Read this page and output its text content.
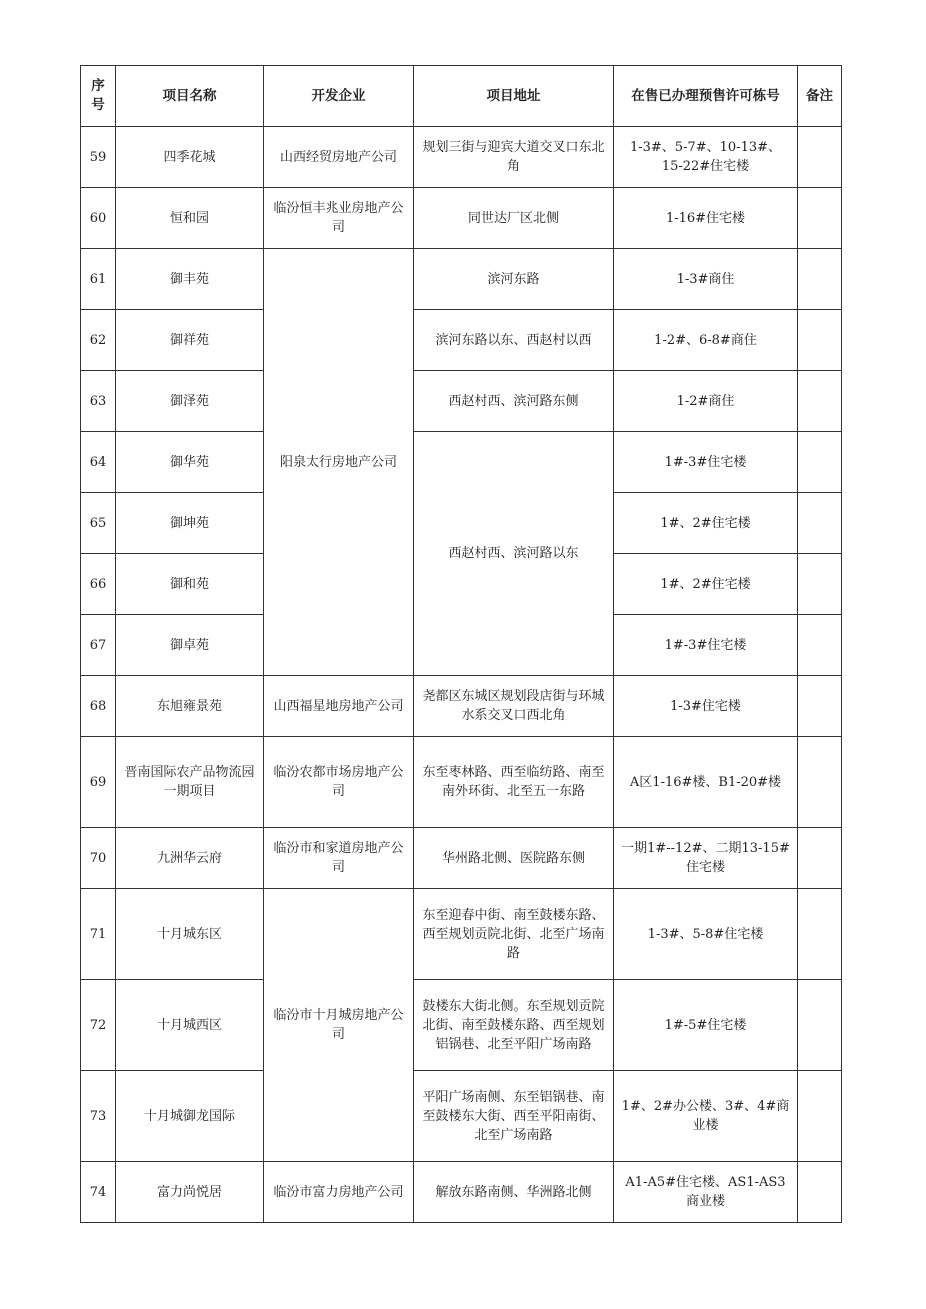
序号	项目名称	开发企业	项目地址	在售已办理预售许可栋号	备注
59	四季花城	山西经贸房地产公司	规划三街与迎宾大道交叉口东北角	1-3#、5-7#、10-13#、15-22#住宅楼	
60	恒和园	临汾恒丰兆业房地产公司	同世达厂区北侧	1-16#住宅楼	
61	御丰苑	阳泉太行房地产公司	滨河东路	1-3#商住	
62	御祥苑		滨河东路以东、西赵村以西	1-2#、6-8#商住	
63	御泽苑		西赵村西、滨河路东侧	1-2#商住	
64	御华苑		西赵村西、滨河路以东	1#-3#住宅楼	
65	御坤苑			1#、2#住宅楼	
66	御和苑			1#、2#住宅楼	
67	御卓苑			1#-3#住宅楼	
68	东旭雍景苑	山西福星地房地产公司	尧都区东城区规划段店街与环城水系交叉口西北角	1-3#住宅楼	
69	晋南国际农产品物流园一期项目	临汾农都市场房地产公司	东至枣林路、西至临纺路、南至南外环街、北至五一东路	A区1-16#楼、B1-20#楼	
70	九洲华云府	临汾市和家道房地产公司	华州路北侧、医院路东侧	一期1#--12#、二期13-15#住宅楼	
71	十月城东区	临汾市十月城房地产公司	东至迎春中街、南至鼓楼东路、西至规划贡院北街、北至广场南路	1-3#、5-8#住宅楼	
72	十月城西区		鼓楼东大街北侧。东至规划贡院北街、南至鼓楼东路、西至规划铝锅巷、北至平阳广场南路	1#-5#住宅楼	
73	十月城御龙国际		平阳广场南侧、东至铝锅巷、南至鼓楼东大街、西至平阳南街、北至广场南路	1#、2#办公楼、3#、4#商业楼	
74	富力尚悦居	临汾市富力房地产公司	解放东路南侧、华洲路北侧	A1-A5#住宅楼、AS1-AS3商业楼	
